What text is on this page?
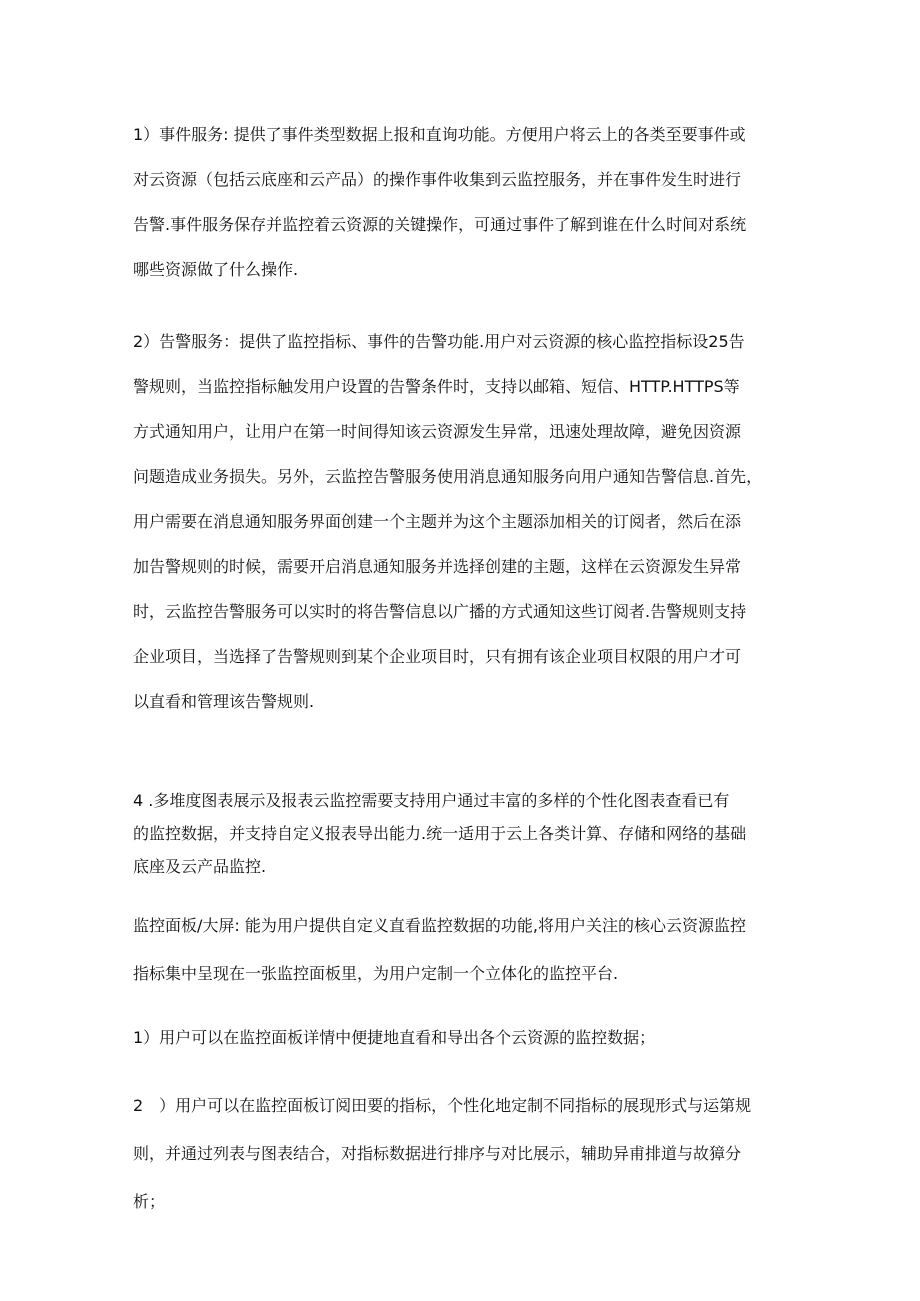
1）事件服务: 提供了事件类型数据上报和直询功能。方便用户将云上的各类至要事件或
对云资源（包括云底座和云产品）的操作事件收集到云监控服务，并在事件发生时进行
告警.事件服务保存并监控着云资源的关键操作，可通过事件了解到谁在什么时间对系统
哪些资源做了什么操作.
2）告警服务：提供了监控指标、事件的告警功能.用户对云资源的核心监控指标设25告
警规则，当监控指标触发用户设置的告警条件时，支持以邮箱、短信、HTTP.HTTPS等
方式通知用户，让用户在第一时间得知该云资源发生异常，迅速处理故障，避免因资源
问题造成业务损失。另外，云监控告警服务使用消息通知服务向用户通知告警信息.首先，
用户需要在消息通知服务界面创建一个主题并为这个主题添加相关的订阅者，然后在添
加告警规则的时候，需要开启消息通知服务并选择创建的主题，这样在云资源发生异常
时，云监控告警服务可以实时的将告警信息以广播的方式通知这些订阅者.告警规则支持
企业项目，当选择了告警规则到某个企业项目时，只有拥有该企业项目权限的用户才可
以直看和管理该告警规则.
4 .多堆度图表展示及报表云监控需要支持用户通过丰富的多样的个性化图表查看已有
的监控数据，并支持自定义报表导出能力.统一适用于云上各类计算、存储和网络的基础
底座及云产品监控.
监控面板/大屏: 能为用户提供自定义直看监控数据的功能,将用户关注的核心云资源监控
指标集中呈现在一张监控面板里，为用户定制一个立体化的监控平台.
1）用户可以在监控面板详情中便捷地直看和导出各个云资源的监控数据；
2　）用户可以在监控面板订阅田要的指标，个性化地定制不同指标的展现形式与运第规
则，并通过列表与图表结合，对指标数据进行排序与对比展示，辅助异甫排道与故獐分
析；
